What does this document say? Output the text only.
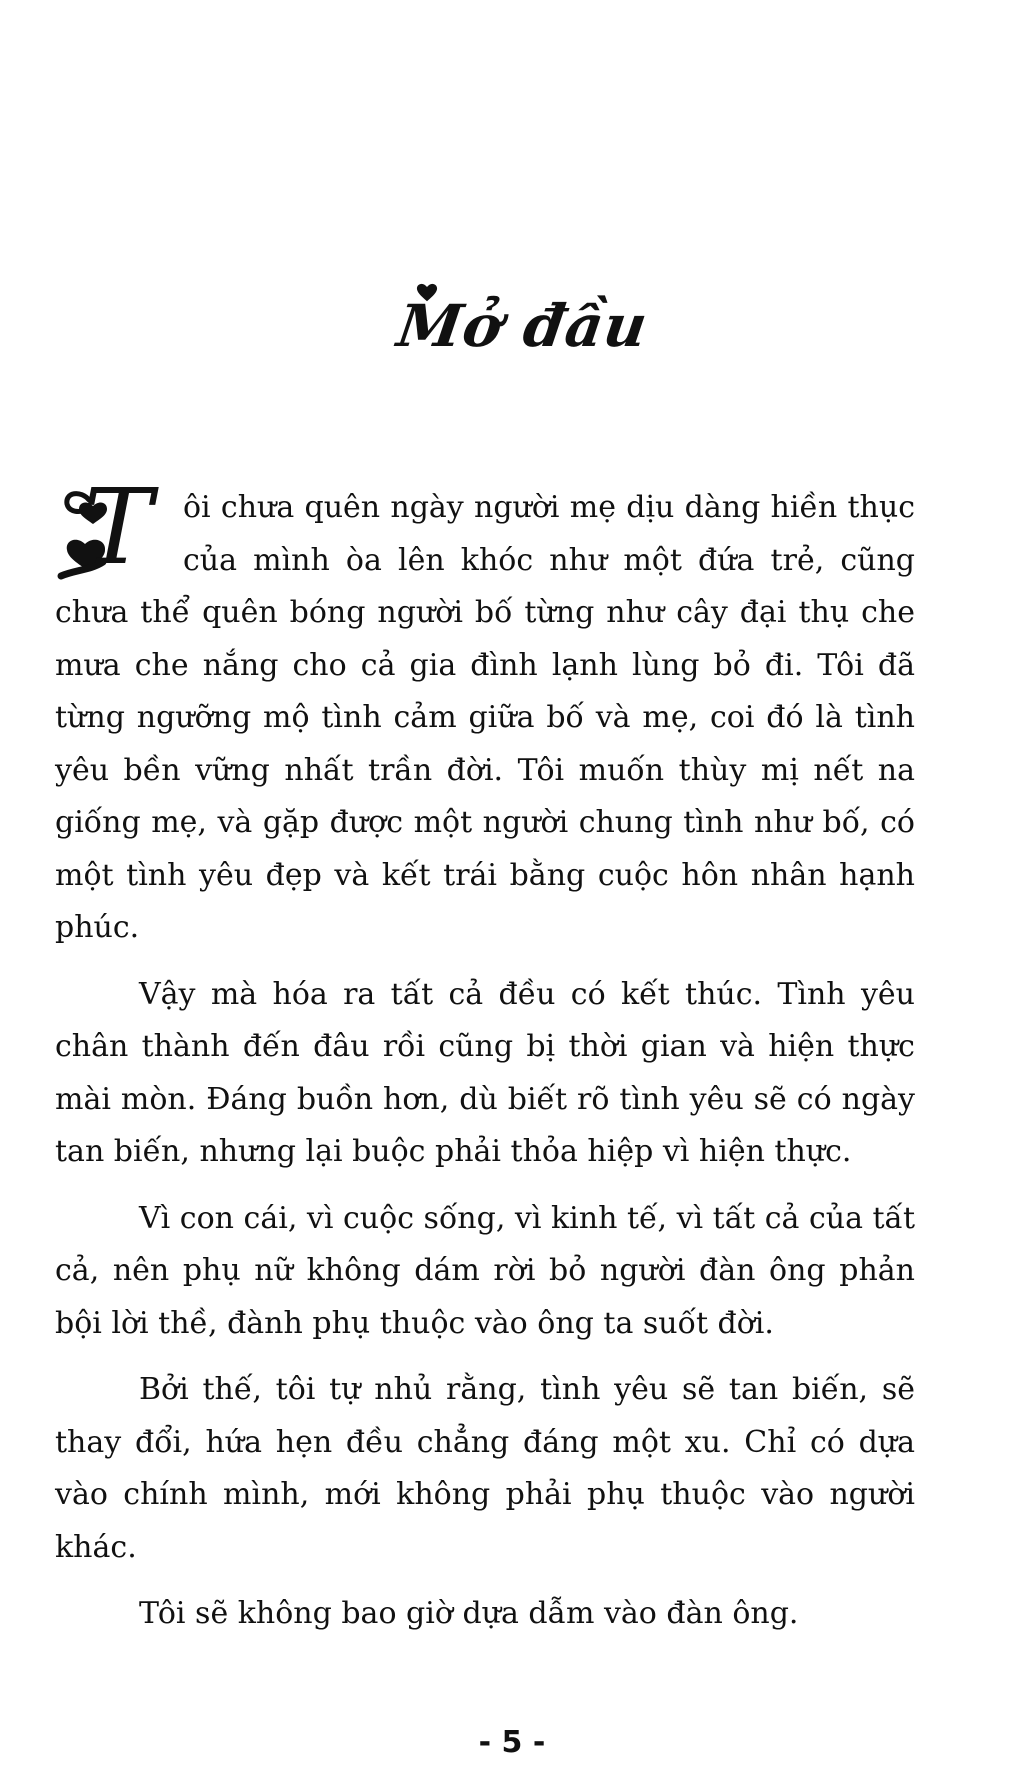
Mở đầu

T ôi chưa quên ngày người mẹ dịu dàng hiền thục của mình òa lên khóc như một đứa trẻ, cũng chưa thể quên bóng người bố từng như cây đại thụ che mưa che nắng cho cả gia đình lạnh lùng bỏ đi. Tôi đã từng ngưỡng mộ tình cảm giữa bố và mẹ, coi đó là tình yêu bền vững nhất trần đời. Tôi muốn thùy mị nết na giống mẹ, và gặp được một người chung tình như bố, có một tình yêu đẹp và kết trái bằng cuộc hôn nhân hạnh phúc.

Vậy mà hóa ra tất cả đều có kết thúc. Tình yêu chân thành đến đâu rồi cũng bị thời gian và hiện thực mài mòn. Đáng buồn hơn, dù biết rõ tình yêu sẽ có ngày tan biến, nhưng lại buộc phải thỏa hiệp vì hiện thực.

Vì con cái, vì cuộc sống, vì kinh tế, vì tất cả của tất cả, nên phụ nữ không dám rời bỏ người đàn ông phản bội lời thề, đành phụ thuộc vào ông ta suốt đời.

Bởi thế, tôi tự nhủ rằng, tình yêu sẽ tan biến, sẽ thay đổi, hứa hẹn đều chẳng đáng một xu. Chỉ có dựa vào chính mình, mới không phải phụ thuộc vào người khác.

Tôi sẽ không bao giờ dựa dẫm vào đàn ông.

- 5 -
